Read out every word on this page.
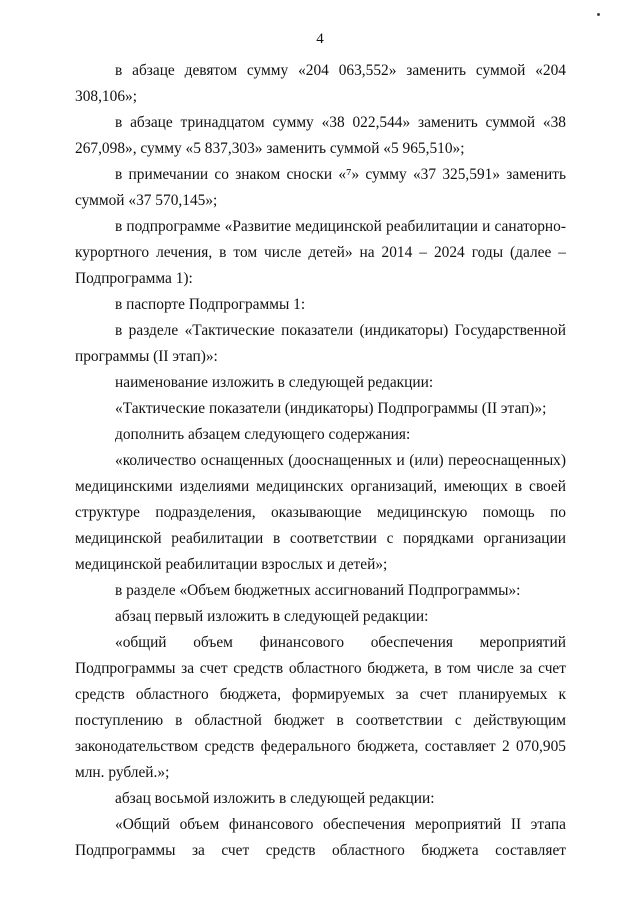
4

в абзаце девятом сумму «204 063,552» заменить суммой «204 308,106»;

в абзаце тринадцатом сумму «38 022,544» заменить суммой «38 267,098», сумму «5 837,303» заменить суммой «5 965,510»;

в примечании со знаком сноски «⁷» сумму «37 325,591» заменить суммой «37 570,145»;

в подпрограмме «Развитие медицинской реабилитации и санаторно-курортного лечения, в том числе детей» на 2014 – 2024 годы (далее – Подпрограмма 1):

в паспорте Подпрограммы 1:

в разделе «Тактические показатели (индикаторы) Государственной программы (II этап)»:

наименование изложить в следующей редакции:

«Тактические показатели (индикаторы) Подпрограммы (II этап)»;

дополнить абзацем следующего содержания:

«количество оснащенных (дооснащенных и (или) переоснащенных) медицинскими изделиями медицинских организаций, имеющих в своей структуре подразделения, оказывающие медицинскую помощь по медицинской реабилитации в соответствии с порядками организации медицинской реабилитации взрослых и детей»;

в разделе «Объем бюджетных ассигнований Подпрограммы»:

абзац первый изложить в следующей редакции:

«общий объем финансового обеспечения мероприятий Подпрограммы за счет средств областного бюджета, в том числе за счет средств областного бюджета, формируемых за счет планируемых к поступлению в областной бюджет в соответствии с действующим законодательством средств федерального бюджета, составляет 2 070,905 млн. рублей.»;

абзац восьмой изложить в следующей редакции:

«Общий объем финансового обеспечения мероприятий II этапа Подпрограммы за счет средств областного бюджета составляет
